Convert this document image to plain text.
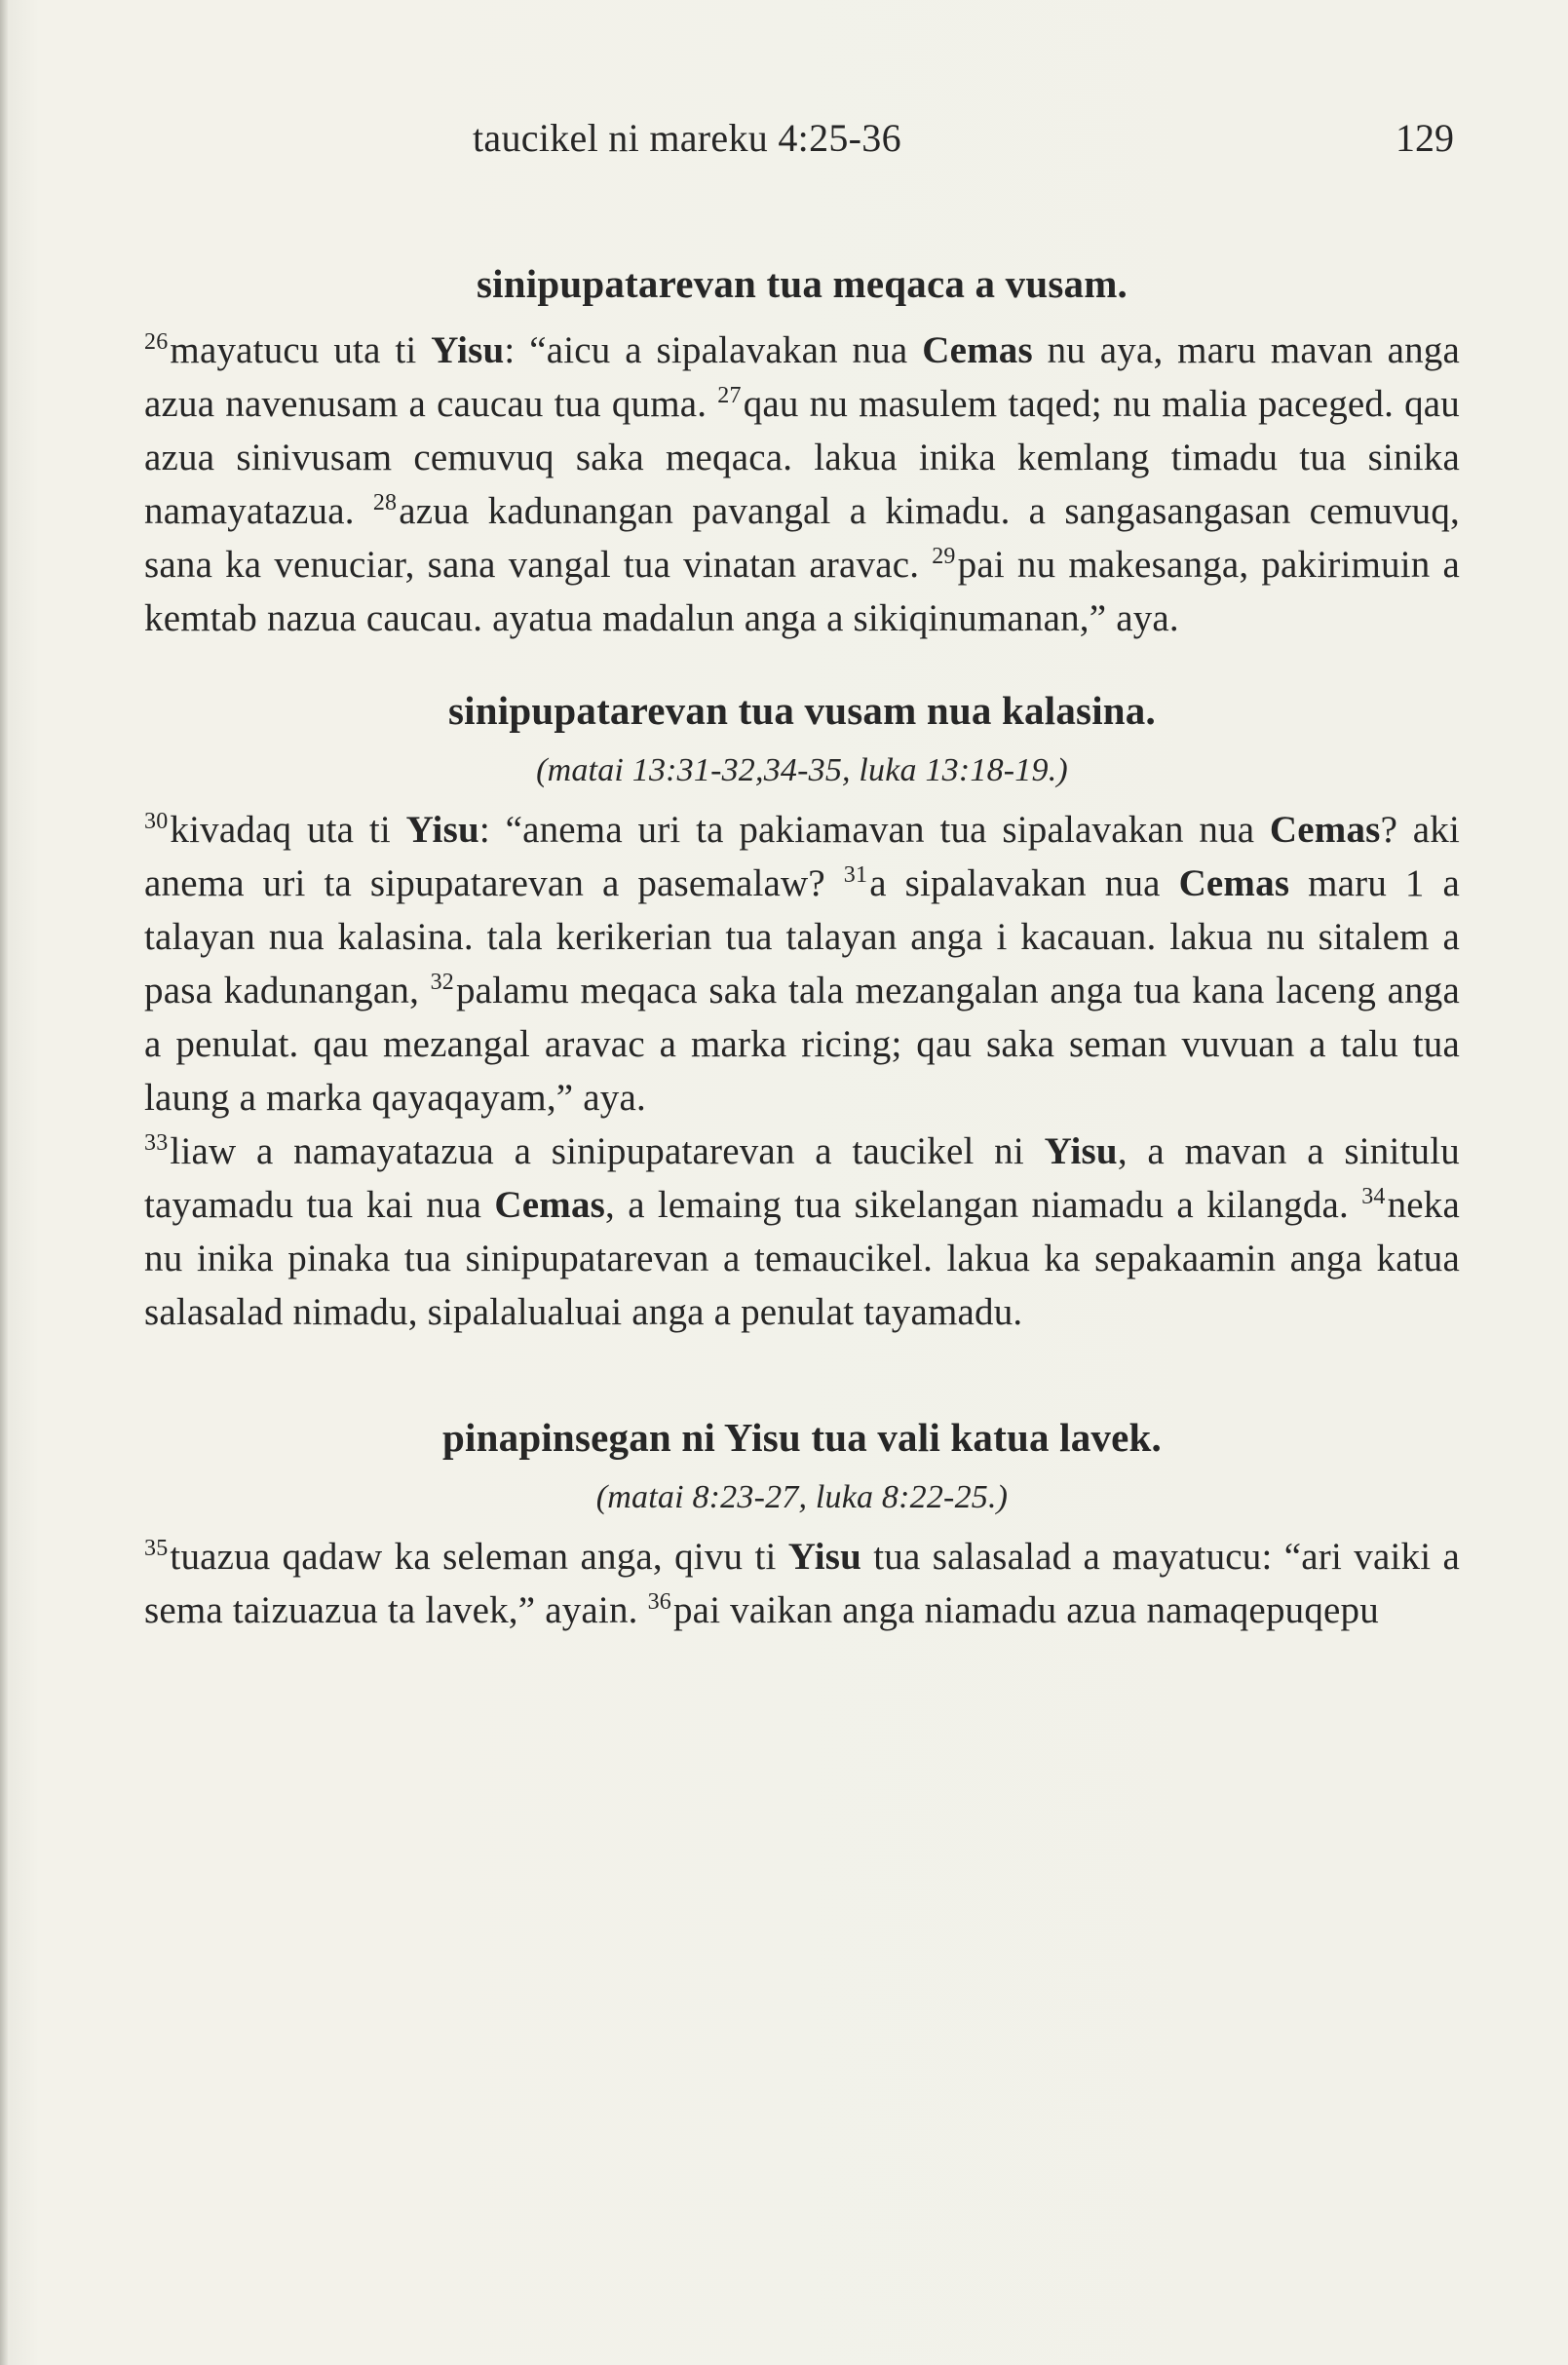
taucikel ni mareku 4:25-36	129

sinipupatarevan tua meqaca a vusam.

$^{26}$mayatucu uta ti Yisu: “aicu a sipalavakan nua Cemas nu aya, maru mavan anga azua navenusam a caucau tua quma. $^{27}$qau nu masulem taqed; nu malia paceged. qau azua sinivusam cemuvuq saka meqaca. lakua inika kemlang timadu tua sinika namayatazua. $^{28}$azua kadunangan pavangal a kimadu. a sangasangasan cemuvuq, sana ka venuciar, sana vangal tua vinatan aravac. $^{29}$pai nu makesanga, pakirimuin a kemtab nazua caucau. ayatua madalun anga a sikiqinumanan,” aya.

sinipupatarevan tua vusam nua kalasina.

(matai 13:31-32,34-35, luka 13:18-19.)

$^{30}$kivadaq uta ti Yisu: “anema uri ta pakiamavan tua sipalavakan nua Cemas? aki anema uri ta sipupatarevan a pasemalaw? $^{31}$a sipalavakan nua Cemas maru 1 a talayan nua kalasina. tala kerikerian tua talayan anga i kacauan. lakua nu sitalem a pasa kadunangan, $^{32}$palamu meqaca saka tala mezangalan anga tua kana laceng anga a penulat. qau mezangal aravac a marka ricing; qau saka seman vuvuan a talu tua laung a marka qayaqayam,” aya.

$^{33}$liaw a namayatazua a sinipupatarevan a taucikel ni Yisu, a mavan a sinitulu tayamadu tua kai nua Cemas, a lemaing tua sikelangan niamadu a kilangda. $^{34}$neka nu inika pinaka tua sinipupatarevan a temaucikel. lakua ka sepakaamin anga katua salasalad nimadu, sipalalualuai anga a penulat tayamadu.

pinapinsegan ni Yisu tua vali katua lavek.

(matai 8:23-27, luka 8:22-25.)

$^{35}$tuazua qadaw ka seleman anga, qivu ti Yisu tua salasalad a mayatucu: “ari vaiki a sema taizuazua ta lavek,” ayain. $^{36}$pai vaikan anga niamadu azua namaqepuqepu
